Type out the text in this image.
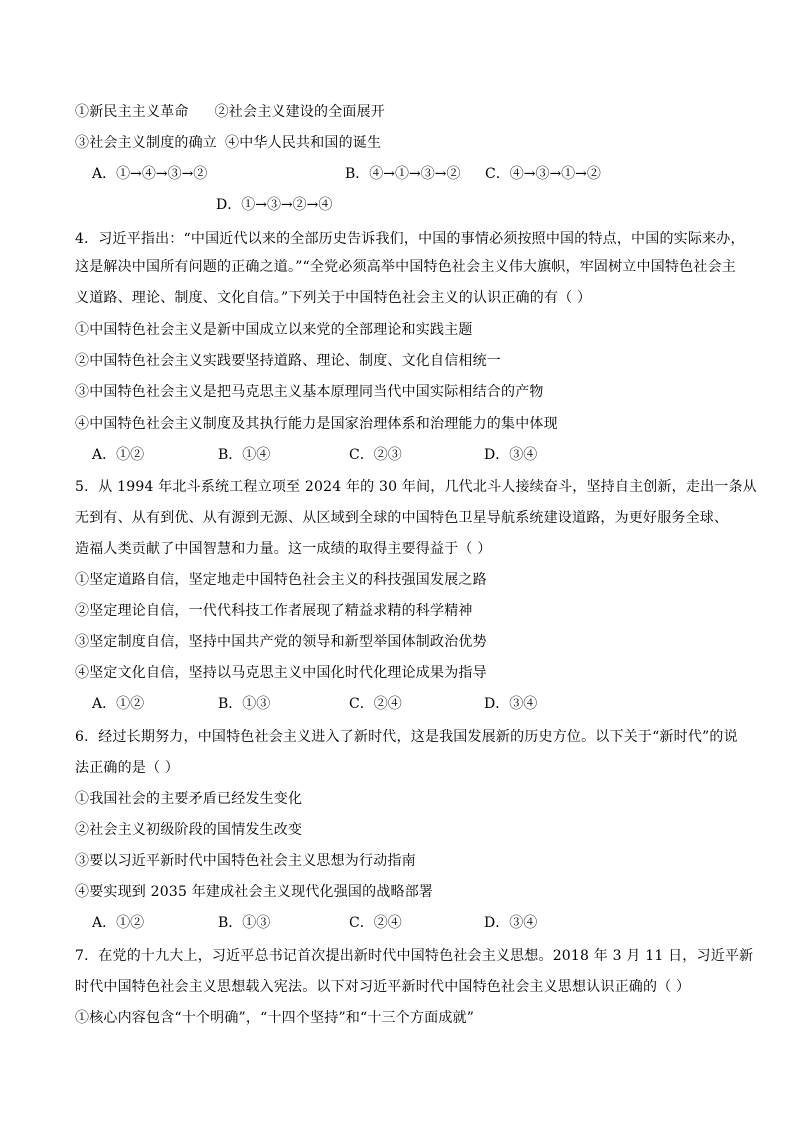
①新民主主义革命 ②社会主义建设的全面展开
③社会主义制度的确立 ④中华人民共和国的诞生
A．①→④→③→②	B．④→①→③→② C．④→③→①→②
D．①→③→②→④
4．习近平指出：“中国近代以来的全部历史告诉我们，中国的事情必须按照中国的特点，中国的实际来办，
这是解决中国所有问题的正确之道。”“全党必须高举中国特色社会主义伟大旗帜，牢固树立中国特色社会主
义道路、理论、制度、文化自信。”下列关于中国特色社会主义的认识正确的有（ ）
①中国特色社会主义是新中国成立以来党的全部理论和实践主题
②中国特色社会主义实践要坚持道路、理论、制度、文化自信相统一
③中国特色社会主义是把马克思主义基本原理同当代中国实际相结合的产物
④中国特色社会主义制度及其执行能力是国家治理体系和治理能力的集中体现
A．①②	B．①④	C．②③	D．③④
5．从 1994 年北斗系统工程立项至 2024 年的 30 年间，几代北斗人接续奋斗，坚持自主创新，走出一条从
无到有、从有到优、从有源到无源、从区域到全球的中国特色卫星导航系统建设道路，为更好服务全球、
造福人类贡献了中国智慧和力量。这一成绩的取得主要得益于（ ）
①坚定道路自信，坚定地走中国特色社会主义的科技强国发展之路
②坚定理论自信，一代代科技工作者展现了精益求精的科学精神
③坚定制度自信，坚持中国共产党的领导和新型举国体制政治优势
④坚定文化自信，坚持以马克思主义中国化时代化理论成果为指导
A．①②	B．①③	C．②④	D．③④
6．经过长期努力，中国特色社会主义进入了新时代，这是我国发展新的历史方位。以下关于“新时代”的说
法正确的是（ ）
①我国社会的主要矛盾已经发生变化
②社会主义初级阶段的国情发生改变
③要以习近平新时代中国特色社会主义思想为行动指南
④要实现到 2035 年建成社会主义现代化强国的战略部署
A．①②	B．①③	C．②④	D．③④
7．在党的十九大上，习近平总书记首次提出新时代中国特色社会主义思想。2018 年 3 月 11 日，习近平新
时代中国特色社会主义思想载入宪法。以下对习近平新时代中国特色社会主义思想认识正确的（ ）
①核心内容包含“十个明确”，“十四个坚持”和“十三个方面成就”
